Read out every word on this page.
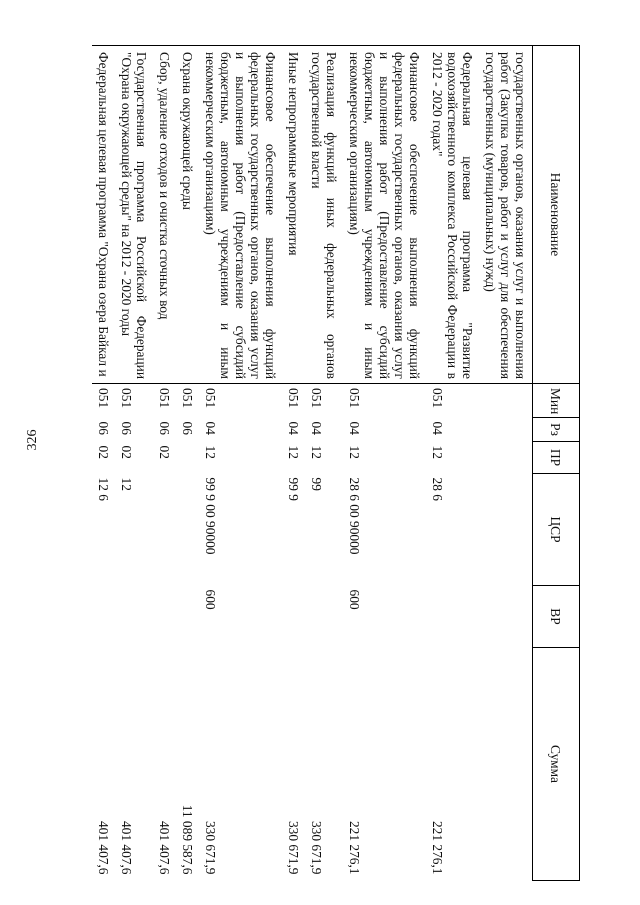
326
Наименование	Мин	Рз	ПР	ЦСР	ВР	Сумма
государственных органов, оказания услуг и выполнения работ (Закупка товаров, работ и услуг для обеспечения государственных (муниципальных) нужд)						
Федеральная целевая программа "Развитие водохозяйственного комплекса Российской Федерации в 2012 - 2020 годах"	051	04	12	28 6		221 276,1
Финансовое обеспечение выполнения функций федеральных государственных органов, оказания услуг и выполнения работ (Предоставление субсидий бюджетным, автономным учреждениям и иным некоммерческим организациям)	051	04	12	28 6 00 90000	600	221 276,1
Реализация функций иных федеральных органов государственной власти	051	04	12	99		330 671,9
Иные непрограммные мероприятия	051	04	12	99 9		330 671,9
Финансовое обеспечение выполнения функций федеральных государственных органов, оказания услуг и выполнения работ (Предоставление субсидий бюджетным, автономным учреждениям и иным некоммерческим организациям)	051	04	12	99 9 00 90000	600	330 671,9
Охрана окружающей среды	051	06				11 089 587,6
Сбор, удаление отходов и очистка сточных вод	051	06	02			401 407,6
Государственная программа Российской Федерации "Охрана окружающей среды" на 2012 - 2020 годы	051	06	02	12		401 407,6
Федеральная целевая программа "Охрана озера Байкал и	051	06	02	12 6		401 407,6
